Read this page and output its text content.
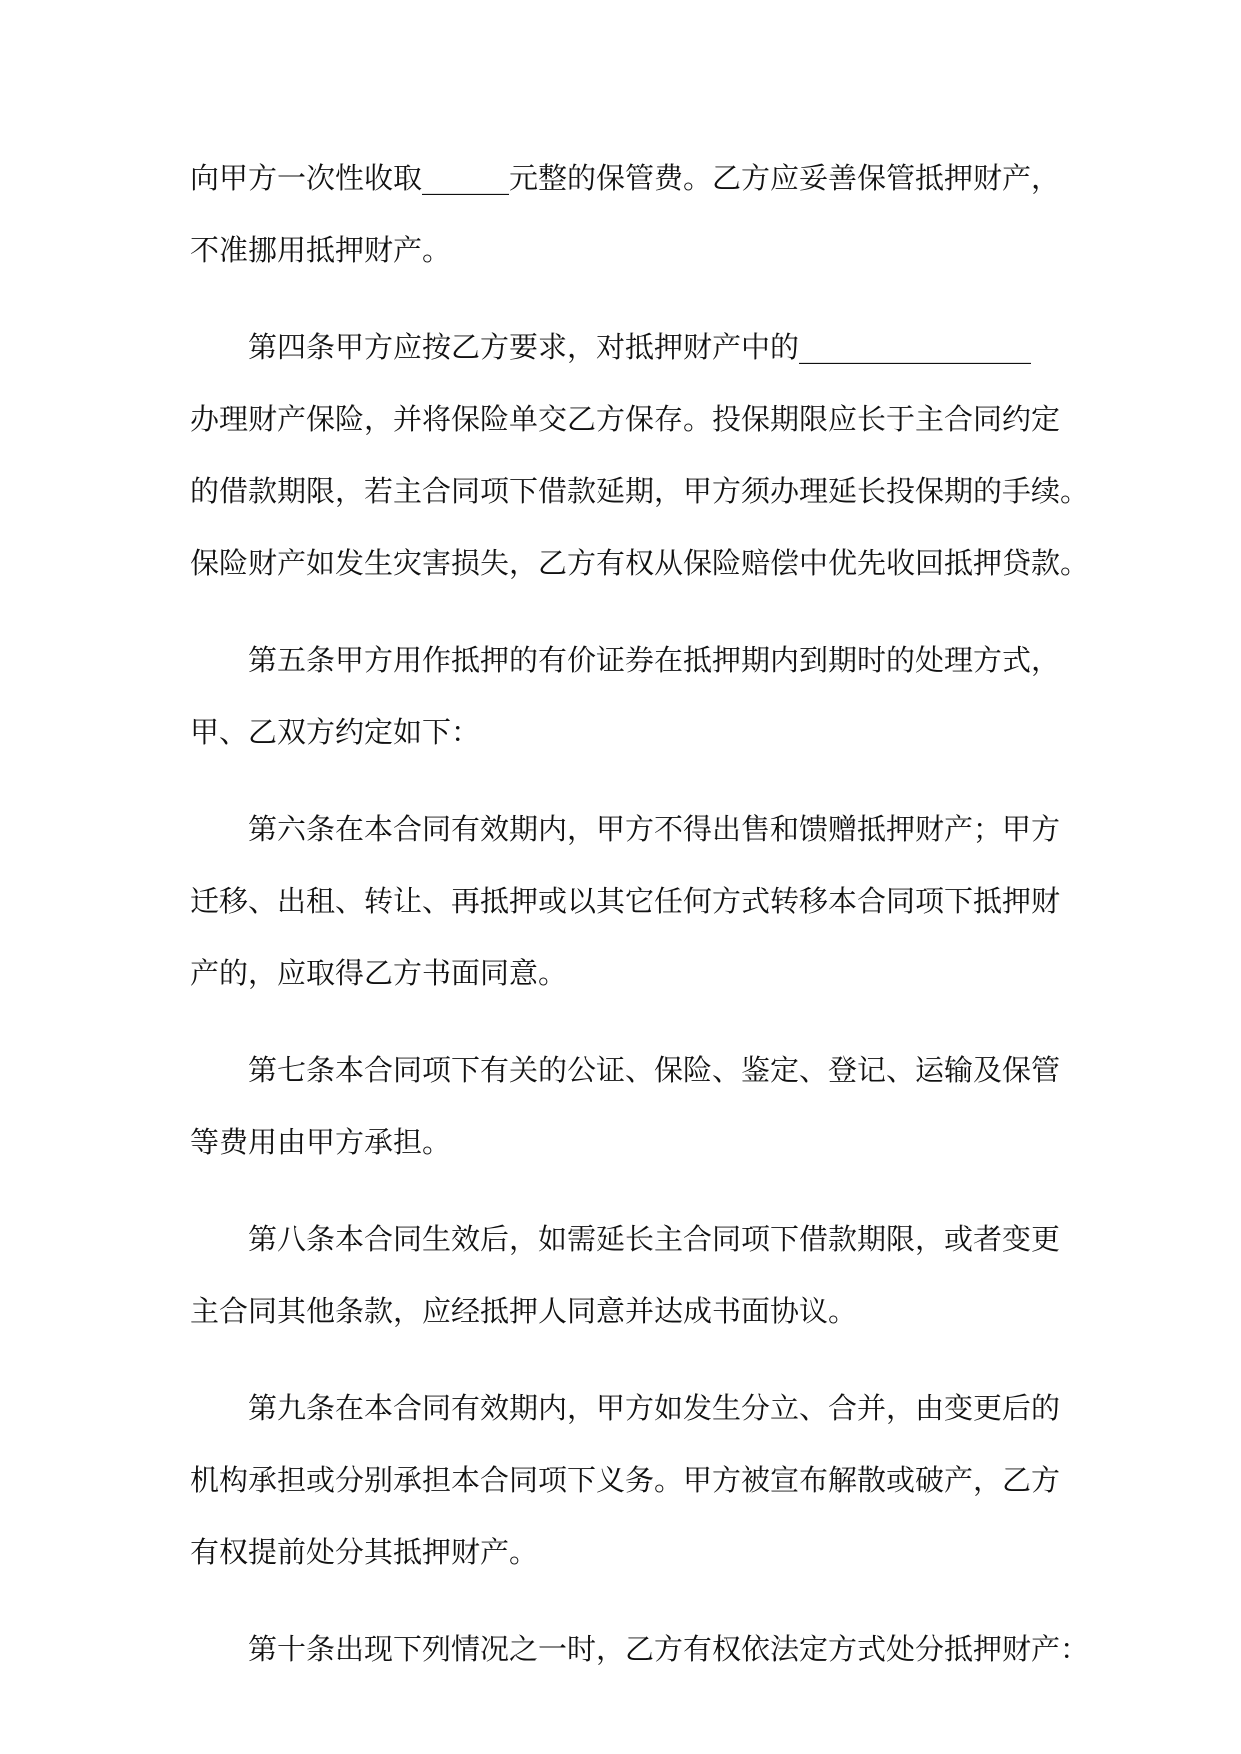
向甲方一次性收取______元整的保管费。乙方应妥善保管抵押财产，
不准挪用抵押财产。

第四条甲方应按乙方要求，对抵押财产中的________________
办理财产保险，并将保险单交乙方保存。投保期限应长于主合同约定
的借款期限，若主合同项下借款延期，甲方须办理延长投保期的手续。
保险财产如发生灾害损失，乙方有权从保险赔偿中优先收回抵押贷款。

第五条甲方用作抵押的有价证券在抵押期内到期时的处理方式，
甲、乙双方约定如下：

第六条在本合同有效期内，甲方不得出售和馈赠抵押财产；甲方
迁移、出租、转让、再抵押或以其它任何方式转移本合同项下抵押财
产的，应取得乙方书面同意。

第七条本合同项下有关的公证、保险、鉴定、登记、运输及保管
等费用由甲方承担。

第八条本合同生效后，如需延长主合同项下借款期限，或者变更
主合同其他条款，应经抵押人同意并达成书面协议。

第九条在本合同有效期内，甲方如发生分立、合并，由变更后的
机构承担或分别承担本合同项下义务。甲方被宣布解散或破产，乙方
有权提前处分其抵押财产。

第十条出现下列情况之一时，乙方有权依法定方式处分抵押财产：
